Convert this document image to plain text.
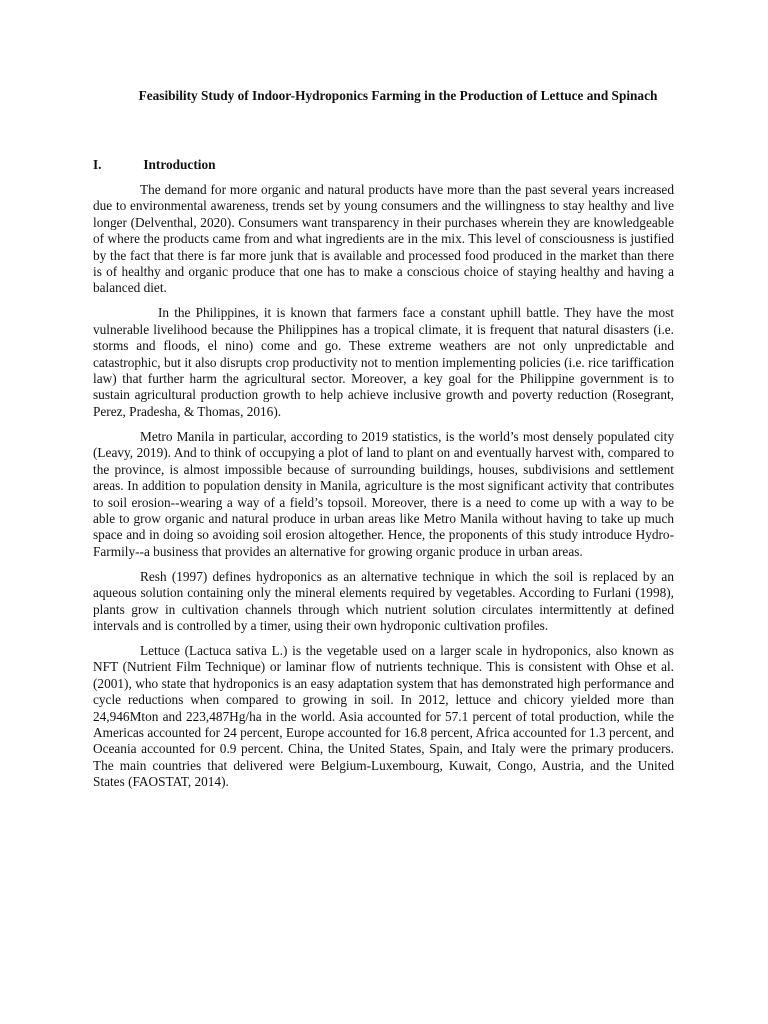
Feasibility Study of Indoor-Hydroponics Farming in the Production of Lettuce and Spinach
I.	Introduction

The demand for more organic and natural products have more than the past several years increased due to environmental awareness, trends set by young consumers and the willingness to stay healthy and live longer (Delventhal, 2020). Consumers want transparency in their purchases wherein they are knowledgeable of where the products came from and what ingredients are in the mix. This level of consciousness is justified by the fact that there is far more junk that is available and processed food produced in the market than there is of healthy and organic produce that one has to make a conscious choice of staying healthy and having a balanced diet.

In the Philippines, it is known that farmers face a constant uphill battle. They have the most vulnerable livelihood because the Philippines has a tropical climate, it is frequent that natural disasters (i.e. storms and floods, el nino) come and go. These extreme weathers are not only unpredictable and catastrophic, but it also disrupts crop productivity not to mention implementing policies (i.e. rice tariffication law) that further harm the agricultural sector. Moreover, a key goal for the Philippine government is to sustain agricultural production growth to help achieve inclusive growth and poverty reduction (Rosegrant, Perez, Pradesha, & Thomas, 2016).

Metro Manila in particular, according to 2019 statistics, is the world’s most densely populated city (Leavy, 2019). And to think of occupying a plot of land to plant on and eventually harvest with, compared to the province, is almost impossible because of surrounding buildings, houses, subdivisions and settlement areas. In addition to population density in Manila, agriculture is the most significant activity that contributes to soil erosion--wearing a way of a field’s topsoil. Moreover, there is a need to come up with a way to be able to grow organic and natural produce in urban areas like Metro Manila without having to take up much space and in doing so avoiding soil erosion altogether. Hence, the proponents of this study introduce Hydro-Farmily--a business that provides an alternative for growing organic produce in urban areas.

Resh (1997) defines hydroponics as an alternative technique in which the soil is replaced by an aqueous solution containing only the mineral elements required by vegetables. According to Furlani (1998), plants grow in cultivation channels through which nutrient solution circulates intermittently at defined intervals and is controlled by a timer, using their own hydroponic cultivation profiles.

Lettuce (Lactuca sativa L.) is the vegetable used on a larger scale in hydroponics, also known as NFT (Nutrient Film Technique) or laminar flow of nutrients technique. This is consistent with Ohse et al. (2001), who state that hydroponics is an easy adaptation system that has demonstrated high performance and cycle reductions when compared to growing in soil. In 2012, lettuce and chicory yielded more than 24,946Mton and 223,487Hg/ha in the world. Asia accounted for 57.1 percent of total production, while the Americas accounted for 24 percent, Europe accounted for 16.8 percent, Africa accounted for 1.3 percent, and Oceania accounted for 0.9 percent. China, the United States, Spain, and Italy were the primary producers. The main countries that delivered were Belgium-Luxembourg, Kuwait, Congo, Austria, and the United States (FAOSTAT, 2014).
